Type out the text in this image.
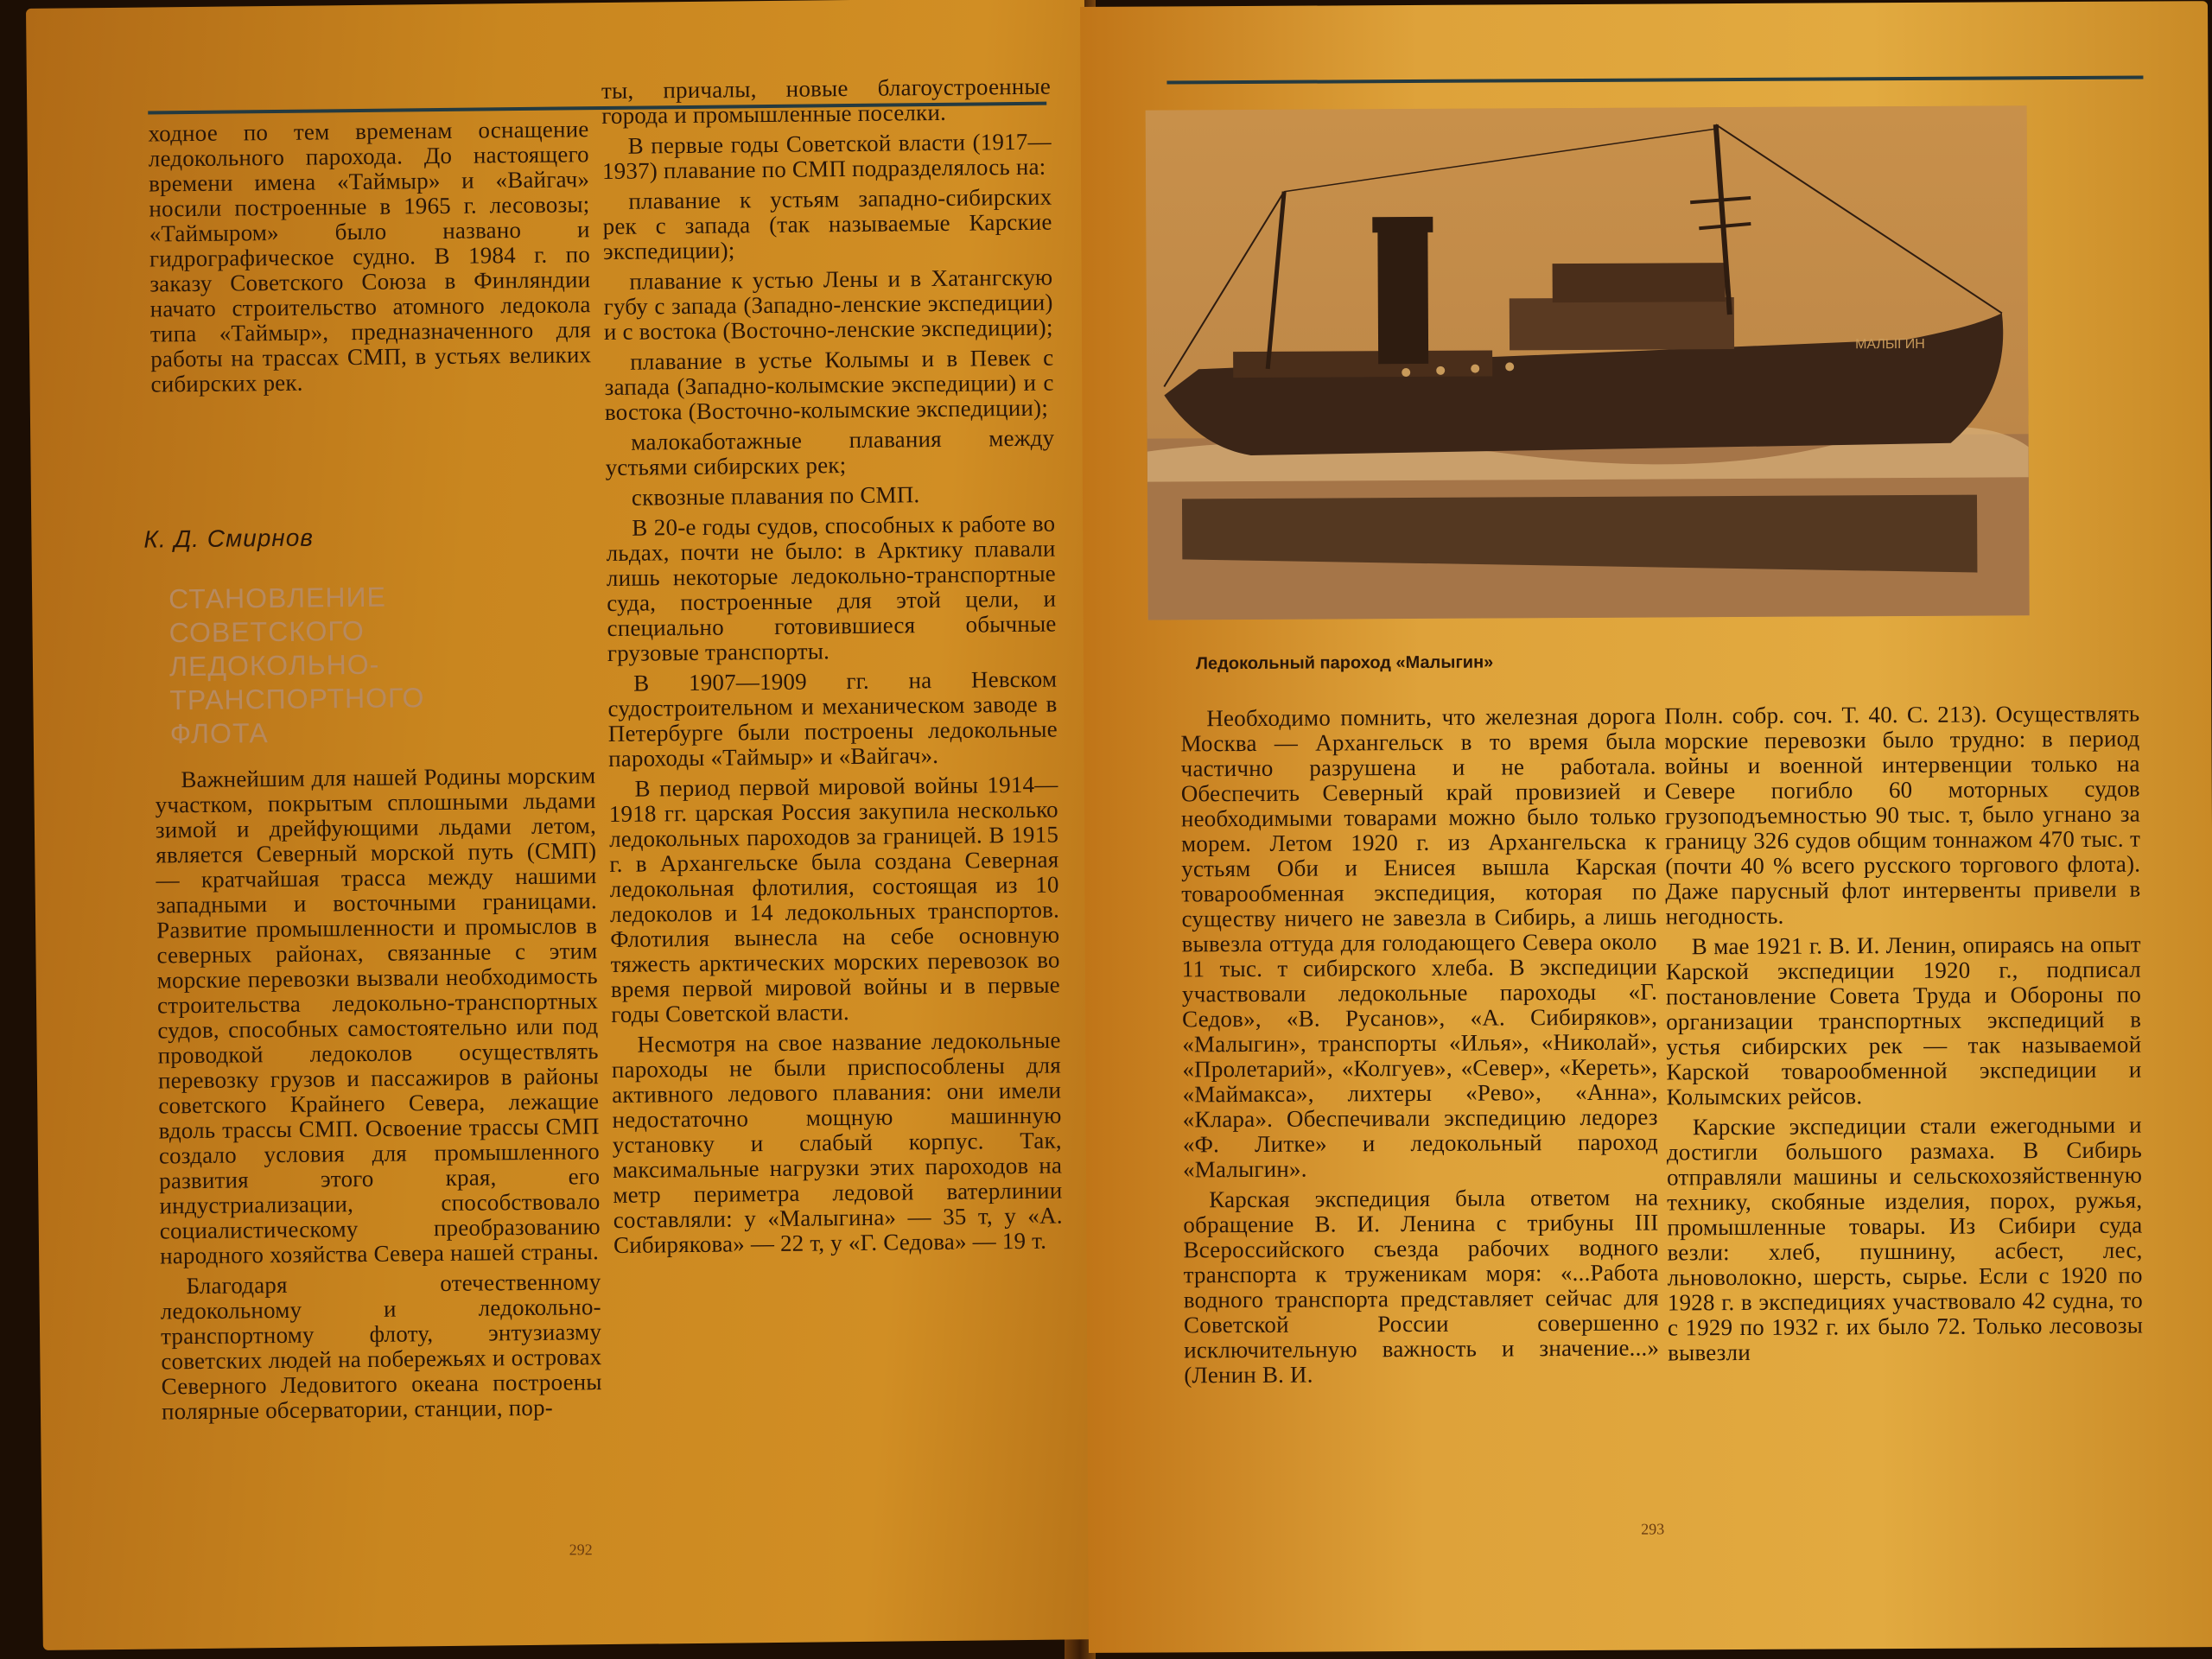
ходное по тем временам оснащение ледокольного парохода. До настоящего времени имена «Таймыр» и «Вайгач» носили построенные в 1965 г. лесовозы; «Таймыром» было названо и гидрографическое судно. В 1984 г. по заказу Советского Союза в Финляндии начато строительство атомного ледокола типа «Таймыр», предназначенного для работы на трассах СМП, в устьях великих сибирских рек.

К. Д. Смирнов
СТАНОВЛЕНИЕ
СОВЕТСКОГО
ЛЕДОКОЛЬНО-
ТРАНСПОРТНОГО
ФЛОТА

Важнейшим для нашей Родины морским участком, покрытым сплошными льдами зимой и дрейфующими льдами летом, является Северный морской путь (СМП) — кратчайшая трасса между нашими западными и восточными границами. Развитие промышленности и промыслов в северных районах, связанные с этим морские перевозки вызвали необходимость строительства ледокольно-транспортных судов, способных самостоятельно или под проводкой ледоколов осуществлять перевозку грузов и пассажиров в районы советского Крайнего Севера, лежащие вдоль трассы СМП. Освоение трассы СМП создало условия для промышленного развития этого края, его индустриализации, способствовало социалистическому преобразованию народного хозяйства Севера нашей страны.

Благодаря отечественному ледокольному и ледокольно-транспортному флоту, энтузиазму советских людей на побережьях и островах Северного Ледовитого океана построены полярные обсерватории, станции, пор-

ты, причалы, новые благоустроенные города и промышленные поселки.

В первые годы Советской власти (1917—1937) плавание по СМП подразделялось на:

плавание к устьям западно-сибирских рек с запада (так называемые Карские экспедиции);

плавание к устью Лены и в Хатангскую губу с запада (Западно-ленские экспедиции) и с востока (Восточно-ленские экспедиции);

плавание в устье Колымы и в Певек с запада (Западно-колымские экспедиции) и с востока (Восточно-колымские экспедиции);

малокаботажные плавания между устьями сибирских рек;

сквозные плавания по СМП.

В 20-е годы судов, способных к работе во льдах, почти не было: в Арктику плавали лишь некоторые ледокольно-транспортные суда, построенные для этой цели, и специально готовившиеся обычные грузовые транспорты.

В 1907—1909 гг. на Невском судостроительном и механическом заводе в Петербурге были построены ледокольные пароходы «Таймыр» и «Вайгач».

В период первой мировой войны 1914—1918 гг. царская Россия закупила несколько ледокольных пароходов за границей. В 1915 г. в Архангельске была создана Северная ледокольная флотилия, состоящая из 10 ледоколов и 14 ледокольных транспортов. Флотилия вынесла на себе основную тяжесть арктических морских перевозок во время первой мировой войны и в первые годы Советской власти.

Несмотря на свое название ледокольные пароходы не были приспособлены для активного ледового плавания: они имели недостаточно мощную машинную установку и слабый корпус. Так, максимальные нагрузки этих пароходов на метр периметра ледовой ватерлинии составляли: у «Малыгина» — 35 т, у «А. Сибирякова» — 22 т, у «Г. Седова» — 19 т.

292
МАЛЫГИН
Ледокольный пароход «Малыгин»

Необходимо помнить, что железная дорога Москва — Архангельск в то время была частично разрушена и не работала. Обеспечить Северный край провизией и необходимыми товарами можно было только морем. Летом 1920 г. из Архангельска к устьям Оби и Енисея вышла Карская товарообменная экспедиция, которая по существу ничего не завезла в Сибирь, а лишь вывезла оттуда для голодающего Севера около 11 тыс. т сибирского хлеба. В экспедиции участвовали ледокольные пароходы «Г. Седов», «В. Русанов», «А. Сибиряков», «Малыгин», транспорты «Илья», «Николай», «Пролетарий», «Колгуев», «Север», «Кереть», «Маймакса», лихтеры «Рево», «Анна», «Клара». Обеспечивали экспедицию ледорез «Ф. Литке» и ледокольный пароход «Малыгин».

Карская экспедиция была ответом на обращение В. И. Ленина с трибуны III Всероссийского съезда рабочих водного транспорта к труженикам моря: «...Работа водного транспорта представляет сейчас для Советской России совершенно исключительную важность и значение...» (Ленин В. И.

Полн. собр. соч. Т. 40. С. 213). Осуществлять морские перевозки было трудно: в период войны и военной интервенции только на Севере погибло 60 моторных судов грузоподъемностью 90 тыс. т, было угнано за границу 326 судов общим тоннажом 470 тыс. т (почти 40 % всего русского торгового флота). Даже парусный флот интервенты привели в негодность.

В мае 1921 г. В. И. Ленин, опираясь на опыт Карской экспедиции 1920 г., подписал постановление Совета Труда и Обороны по организации транспортных экспедиций в устья сибирских рек — так называемой Карской товарообменной экспедиции и Колымских рейсов.

Карские экспедиции стали ежегодными и достигли большого размаха. В Сибирь отправляли машины и сельскохозяйственную технику, скобяные изделия, порох, ружья, промышленные товары. Из Сибири суда везли: хлеб, пушнину, асбест, лес, льноволокно, шерсть, сырье. Если с 1920 по 1928 г. в экспедициях участвовало 42 судна, то с 1929 по 1932 г. их было 72. Только лесовозы вывезли

293
